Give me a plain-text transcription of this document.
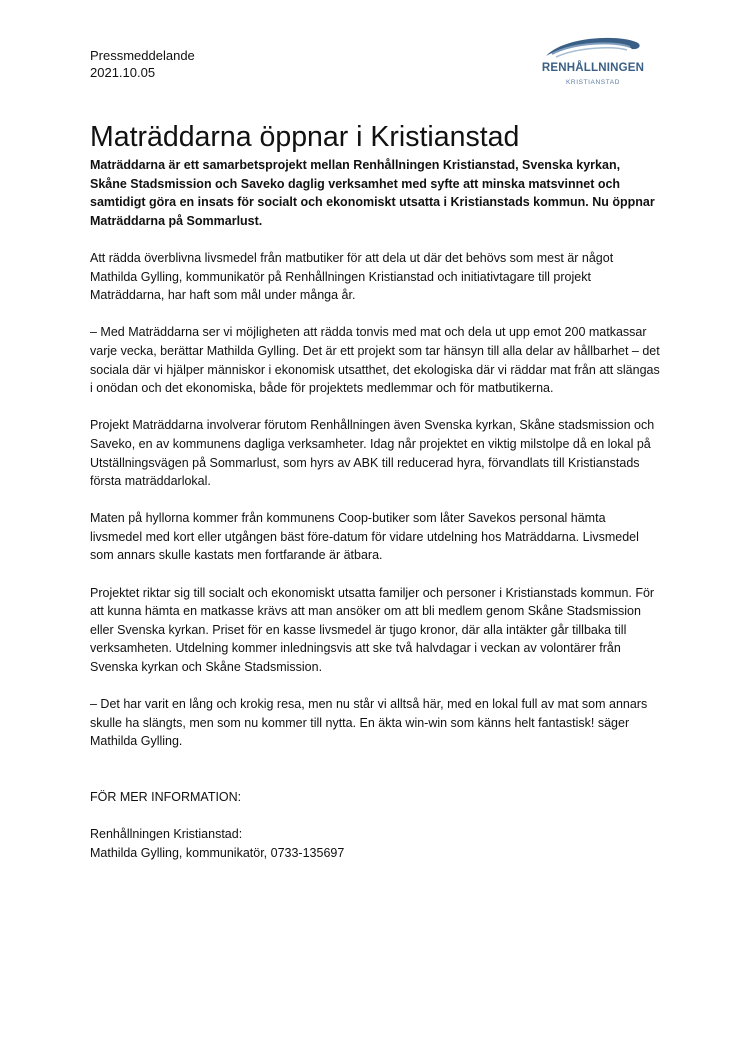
Pressmeddelande
2021.10.05	RENHÅLLNINGEN
KRISTIANSTAD
Maträddarna öppnar i Kristianstad

Maträddarna är ett samarbetsprojekt mellan Renhållningen Kristianstad, Svenska kyrkan, Skåne Stadsmission och Saveko daglig verksamhet med syfte att minska matsvinnet och samtidigt göra en insats för socialt och ekonomiskt utsatta i Kristianstads kommun. Nu öppnar Maträddarna på Sommarlust.

Att rädda överblivna livsmedel från matbutiker för att dela ut där det behövs som mest är något Mathilda Gylling, kommunikatör på Renhållningen Kristianstad och initiativtagare till projekt Maträddarna, har haft som mål under många år.

– Med Maträddarna ser vi möjligheten att rädda tonvis med mat och dela ut upp emot 200 matkassar varje vecka, berättar Mathilda Gylling. Det är ett projekt som tar hänsyn till alla delar av hållbarhet – det sociala där vi hjälper människor i ekonomisk utsatthet, det ekologiska där vi räddar mat från att slängas i onödan och det ekonomiska, både för projektets medlemmar och för matbutikerna.

Projekt Maträddarna involverar förutom Renhållningen även Svenska kyrkan, Skåne stadsmission och Saveko, en av kommunens dagliga verksamheter. Idag når projektet en viktig milstolpe då en lokal på Utställningsvägen på Sommarlust, som hyrs av ABK till reducerad hyra, förvandlats till Kristianstads första maträddarlokal.

Maten på hyllorna kommer från kommunens Coop-butiker som låter Savekos personal hämta livsmedel med kort eller utgången bäst före-datum för vidare utdelning hos Maträddarna. Livsmedel som annars skulle kastats men fortfarande är ätbara.

Projektet riktar sig till socialt och ekonomiskt utsatta familjer och personer i Kristianstads kommun. För att kunna hämta en matkasse krävs att man ansöker om att bli medlem genom Skåne Stadsmission eller Svenska kyrkan. Priset för en kasse livsmedel är tjugo kronor, där alla intäkter går tillbaka till verksamheten. Utdelning kommer inledningsvis att ske två halvdagar i veckan av volontärer från Svenska kyrkan och Skåne Stadsmission.

– Det har varit en lång och krokig resa, men nu står vi alltså här, med en lokal full av mat som annars skulle ha slängts, men som nu kommer till nytta. En äkta win-win som känns helt fantastisk! säger Mathilda Gylling.

FÖR MER INFORMATION:
Renhållningen Kristianstad:
Mathilda Gylling, kommunikatör, 0733-135697
